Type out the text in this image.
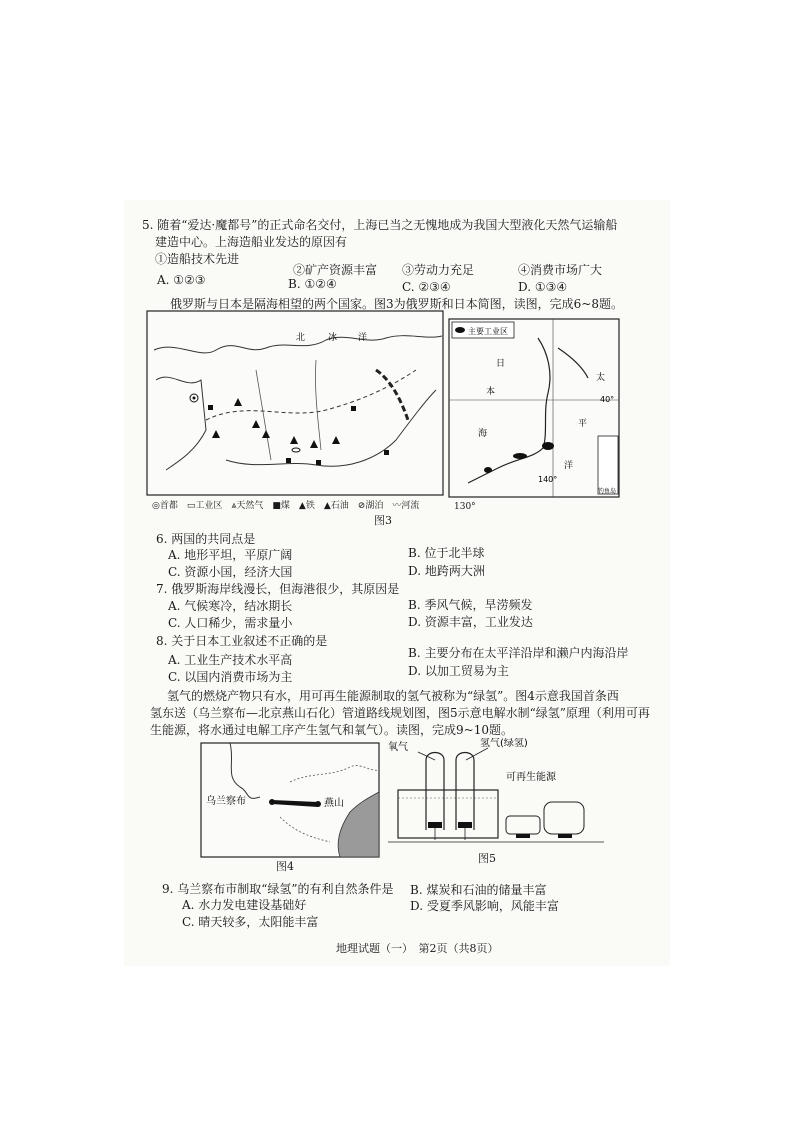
5. 随着“爱达·魔都号”的正式命名交付，上海已当之无愧地成为我国大型液化天然气运输船
建造中心。上海造船业发达的原因有
①造船技术先进
②矿产资源丰富 ③劳动力充足	④消费市场广大
A. ①②③	B. ①②④	C. ②③④	D. ①③④
俄罗斯与日本是隔海相望的两个国家。图3为俄罗斯和日本简图，读图，完成6~8题。
北	冰 洋
主要工业区
钓鱼岛
日
本
海
太
平
洋
40°
140°
130°
◎首都　▭工业区　⩓天然气　■煤　▲铁　▲石油　⊘湖泊　〰河流
图3
6. 两国的共同点是
A. 地形平坦，平原广阔	B. 位于北半球
C. 资源小国，经济大国	D. 地跨两大洲
7. 俄罗斯海岸线漫长，但海港很少，其原因是
A. 气候寒冷，结冰期长	B. 季风气候，旱涝频发
C. 人口稀少，需求量小	D. 资源丰富，工业发达
8. 关于日本工业叙述不正确的是
A. 工业生产技术水平高	B. 主要分布在太平洋沿岸和濑户内海沿岸
C. 以国内消费市场为主	D. 以加工贸易为主
氢气的燃烧产物只有水，用可再生能源制取的氢气被称为“绿氢”。图4示意我国首条西
氢东送（乌兰察布—北京燕山石化）管道路线规划图，图5示意电解水制“绿氢”原理（利用可再
生能源，将水通过电解工序产生氢气和氧气）。读图，完成9~10题。
乌兰察布	燕山
图4
氧气	氢气(绿氢)
可再生能源
图5
9. 乌兰察布市制取“绿氢”的有利自然条件是
A. 水力发电建设基础好
B. 煤炭和石油的储量丰富
C. 晴天较多，太阳能丰富
D. 受夏季风影响，风能丰富
地理试题（一）　第2页（共8页）
